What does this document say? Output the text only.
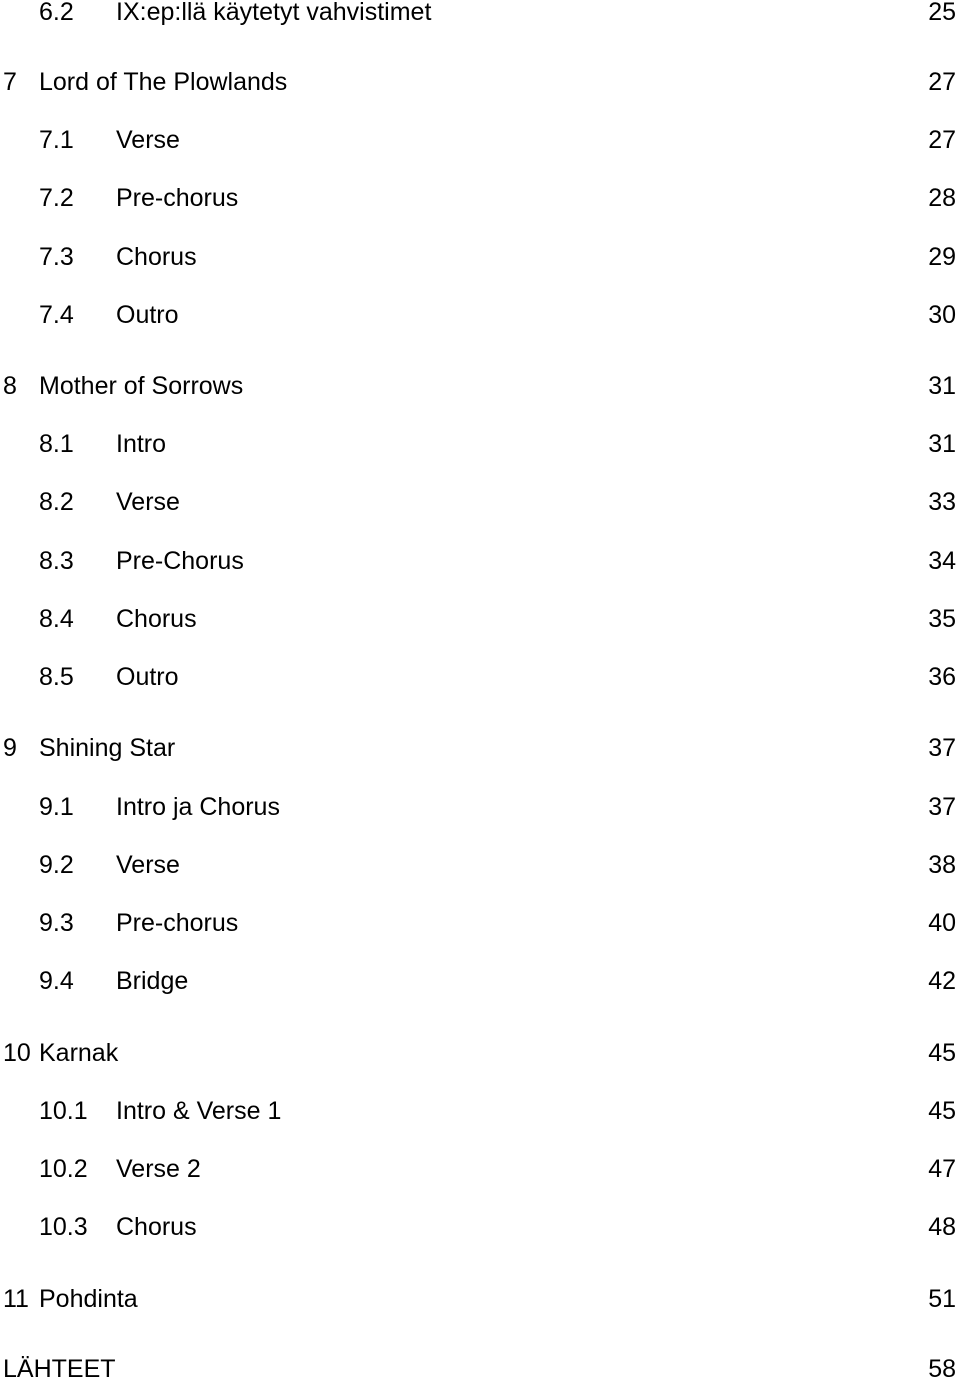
6.2 IX:ep:llä käytetyt vahvistimet	25
7 Lord of The Plowlands	27
7.1 Verse	27
7.2 Pre-chorus	28
7.3 Chorus	29
7.4 Outro	30
8 Mother of Sorrows	31
8.1 Intro	31
8.2 Verse	33
8.3 Pre-Chorus	34
8.4 Chorus	35
8.5 Outro	36
9 Shining Star	37
9.1 Intro ja Chorus	37
9.2 Verse	38
9.3 Pre-chorus	40
9.4 Bridge	42
10 Karnak	45
10.1 Intro & Verse 1	45
10.2 Verse 2	47
10.3 Chorus	48
11 Pohdinta	51
LÄHTEET	58
